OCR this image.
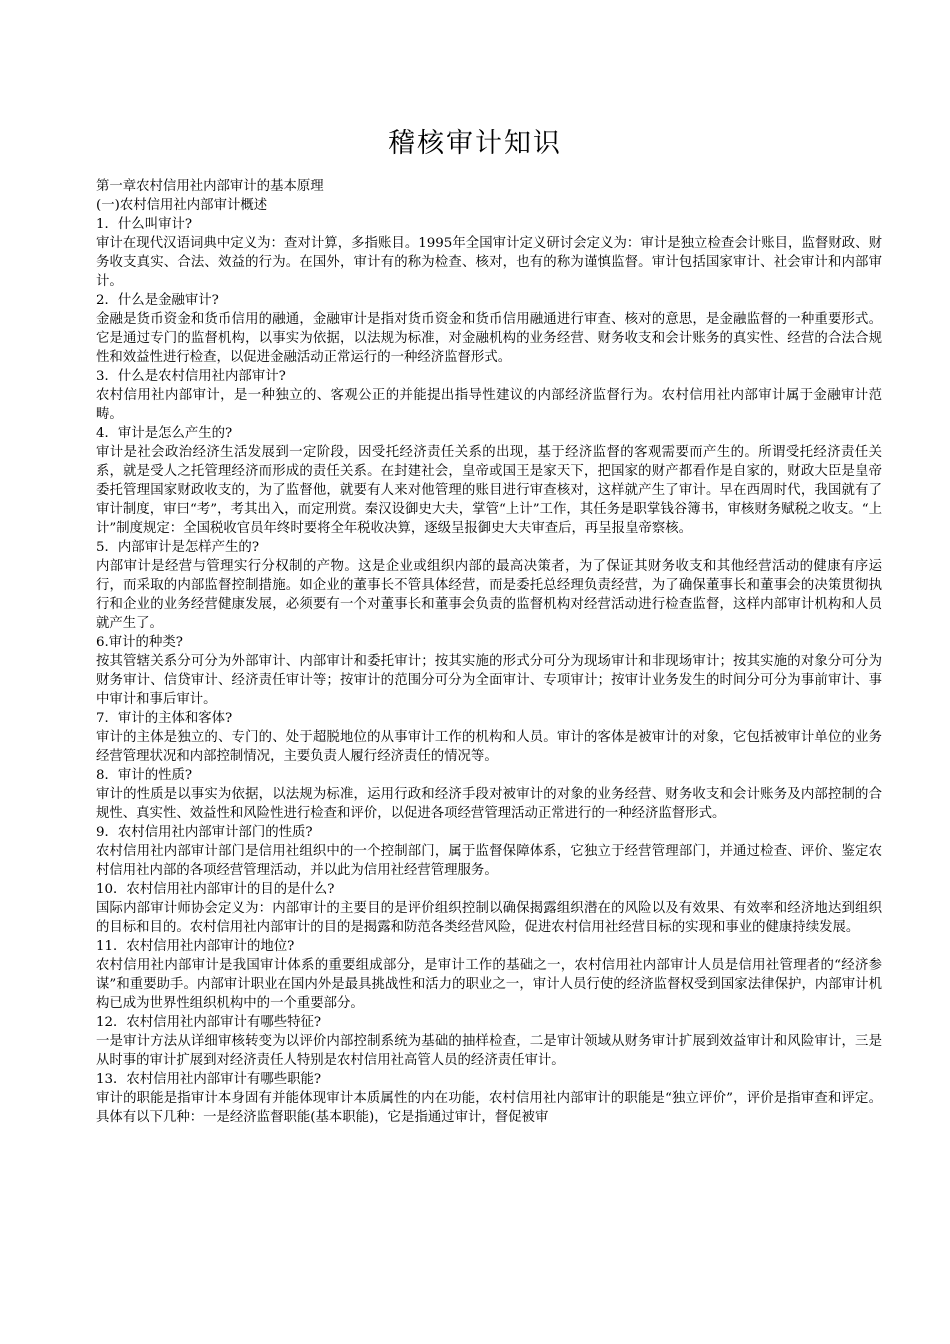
稽核审计知识

第一章农村信用社内部审计的基本原理

(一)农村信用社内部审计概述

1．什么叫审计?

审计在现代汉语词典中定义为：查对计算，多指账目。1995年全国审计定义研讨会定义为：审计是独立检查会计账目，监督财政、财务收支真实、合法、效益的行为。在国外，审计有的称为检查、核对，也有的称为谨慎监督。审计包括国家审计、社会审计和内部审计。

2．什么是金融审计?

金融是货币资金和货币信用的融通，金融审计是指对货币资金和货币信用融通进行审查、核对的意思，是金融监督的一种重要形式。它是通过专门的监督机构，以事实为依据，以法规为标准，对金融机构的业务经营、财务收支和会计账务的真实性、经营的合法合规性和效益性进行检查，以促进金融活动正常运行的一种经济监督形式。

3．什么是农村信用社内部审计?

农村信用社内部审计，是一种独立的、客观公正的并能提出指导性建议的内部经济监督行为。农村信用社内部审计属于金融审计范畴。

4．审计是怎么产生的?

审计是社会政治经济生活发展到一定阶段，因受托经济责任关系的出现，基于经济监督的客观需要而产生的。所谓受托经济责任关系，就是受人之托管理经济而形成的责任关系。在封建社会，皇帝或国王是家天下，把国家的财产都看作是自家的，财政大臣是皇帝委托管理国家财政收支的，为了监督他，就要有人来对他管理的账目进行审查核对，这样就产生了审计。早在西周时代，我国就有了审计制度，审曰“考”，考其出入，而定刑赏。秦汉设御史大夫，掌管“上计”工作，其任务是职掌钱谷簿书，审核财务赋税之收支。“上计”制度规定：全国税收官员年终时要将全年税收决算，逐级呈报御史大夫审查后，再呈报皇帝察核。

5．内部审计是怎样产生的?

内部审计是经营与管理实行分权制的产物。这是企业或组织内部的最高决策者，为了保证其财务收支和其他经营活动的健康有序运行，而采取的内部监督控制措施。如企业的董事长不管具体经营，而是委托总经理负责经营，为了确保董事长和董事会的决策贯彻执行和企业的业务经营健康发展，必须要有一个对董事长和董事会负责的监督机构对经营活动进行检查监督，这样内部审计机构和人员就产生了。

6.审计的种类?

按其管辖关系分可分为外部审计、内部审计和委托审计；按其实施的形式分可分为现场审计和非现场审计；按其实施的对象分可分为财务审计、信贷审计、经济责任审计等；按审计的范围分可分为全面审计、专项审计；按审计业务发生的时间分可分为事前审计、事中审计和事后审计。

7．审计的主体和客体?

审计的主体是独立的、专门的、处于超脱地位的从事审计工作的机构和人员。审计的客体是被审计的对象，它包括被审计单位的业务经营管理状况和内部控制情况，主要负责人履行经济责任的情况等。

8．审计的性质?

审计的性质是以事实为依据，以法规为标准，运用行政和经济手段对被审计的对象的业务经营、财务收支和会计账务及内部控制的合规性、真实性、效益性和风险性进行检查和评价，以促进各项经营管理活动正常进行的一种经济监督形式。

9．农村信用社内部审计部门的性质?

农村信用社内部审计部门是信用社组织中的一个控制部门，属于监督保障体系，它独立于经营管理部门，并通过检查、评价、鉴定农村信用社内部的各项经营管理活动，并以此为信用社经营管理服务。

10．农村信用社内部审计的目的是什么?

国际内部审计师协会定义为：内部审计的主要目的是评价组织控制以确保揭露组织潜在的风险以及有效果、有效率和经济地达到组织的目标和目的。农村信用社内部审计的目的是揭露和防范各类经营风险，促进农村信用社经营目标的实现和事业的健康持续发展。

11．农村信用社内部审计的地位?

农村信用社内部审计是我国审计体系的重要组成部分，是审计工作的基础之一，农村信用社内部审计人员是信用社管理者的“经济参谋”和重要助手。内部审计职业在国内外是最具挑战性和活力的职业之一，审计人员行使的经济监督权受到国家法律保护，内部审计机构已成为世界性组织机构中的一个重要部分。

12．农村信用社内部审计有哪些特征?

一是审计方法从详细审核转变为以评价内部控制系统为基础的抽样检查，二是审计领域从财务审计扩展到效益审计和风险审计，三是从时事的审计扩展到对经济责任人特别是农村信用社高管人员的经济责任审计。

13．农村信用社内部审计有哪些职能?

审计的职能是指审计本身固有并能体现审计本质属性的内在功能，农村信用社内部审计的职能是“独立评价”，评价是指审查和评定。具体有以下几种：一是经济监督职能(基本职能)，它是指通过审计，督促被审
